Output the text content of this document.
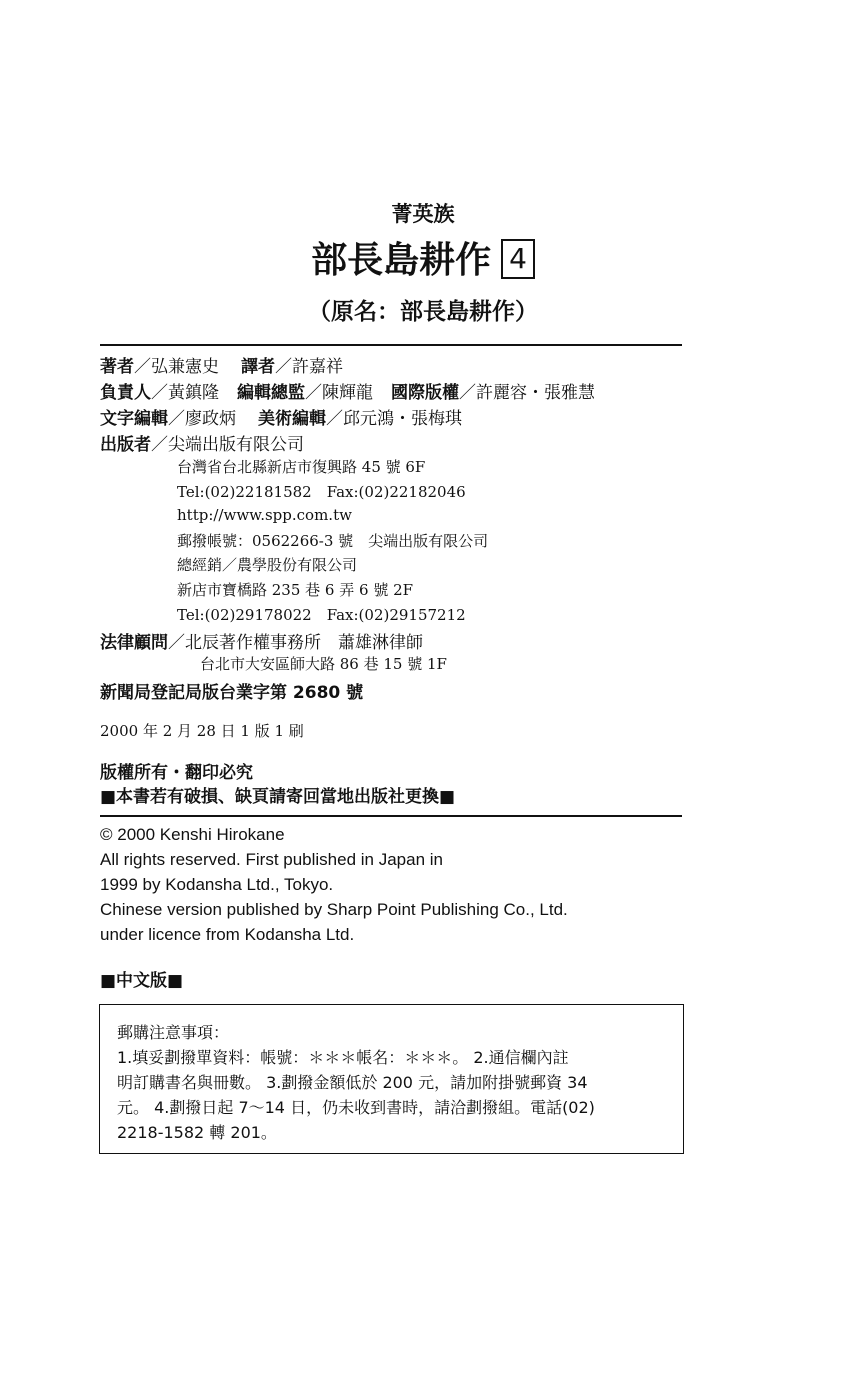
菁英族
部長島耕作 4
（原名：部長島耕作）
著者／弘兼憲史 譯者／許嘉祥
負責人／黃鎮隆 編輯總監／陳輝龍 國際版權／許麗容・張雅慧
文字編輯／廖政炳 美術編輯／邱元鴻・張梅琪
出版者／尖端出版有限公司
台灣省台北縣新店市復興路 45 號 6F
Tel:(02)22181582　Fax:(02)22182046
http://www.spp.com.tw
郵撥帳號：0562266-3 號　尖端出版有限公司
總經銷／農學股份有限公司
新店市寶橋路 235 巷 6 弄 6 號 2F
Tel:(02)29178022　Fax:(02)29157212
法律顧問／北辰著作權事務所　蕭雄淋律師
台北市大安區師大路 86 巷 15 號 1F
新聞局登記局版台業字第 2680 號
2000 年 2 月 28 日 1 版 1 刷
版權所有・翻印必究
■本書若有破損、缺頁請寄回當地出版社更換■
© 2000 Kenshi Hirokane
All rights reserved. First published in Japan in
1999 by Kodansha Ltd., Tokyo.
Chinese version published by Sharp Point Publishing Co., Ltd.
under licence from Kodansha Ltd.
■中文版■
郵購注意事項：
1.填妥劃撥單資料：帳號：＊＊＊帳名：＊＊＊。 2.通信欄內註
明訂購書名與冊數。 3.劃撥金額低於 200 元，請加附掛號郵資 34
元。 4.劃撥日起 7～14 日，仍未收到書時，請洽劃撥組。電話(02)
2218-1582 轉 201。
